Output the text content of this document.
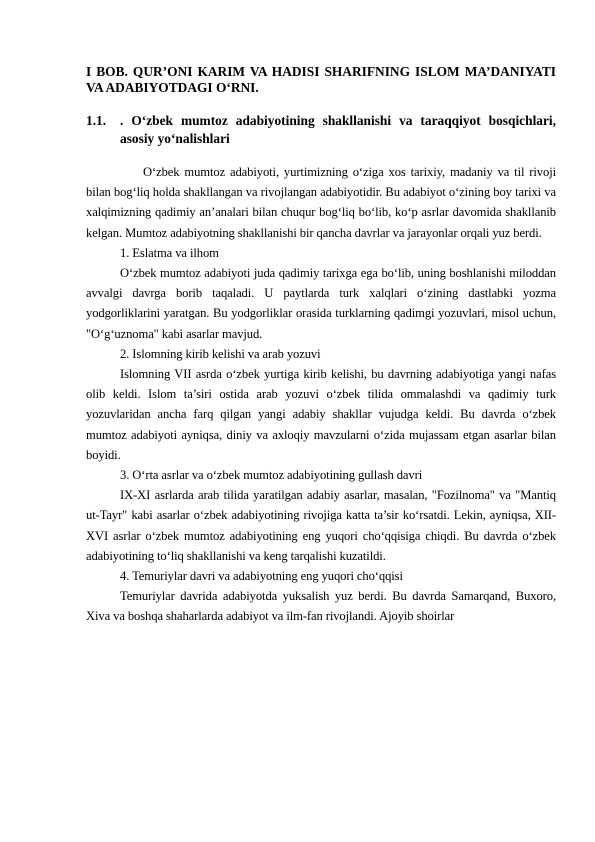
I BOB. QUR’ONI KARIM VA HADISI SHARIFNING ISLOM MA’DANIYATI VA ADABIYOTDAGI O‘RNI.

1.1.	. O‘zbek mumtoz adabiyotining shakllanishi va taraqqiyot bosqichlari, asosiy yo‘nalishlari

O‘zbek mumtoz adabiyoti, yurtimizning o‘ziga xos tarixiy, madaniy va til rivoji bilan bog‘liq holda shakllangan va rivojlangan adabiyotidir. Bu adabiyot o‘zining boy tarixi va xalqimizning qadimiy an’analari bilan chuqur bog‘liq bo‘lib, ko‘p asrlar davomida shakllanib kelgan. Mumtoz adabiyotning shakllanishi bir qancha davrlar va jarayonlar orqali yuz berdi.

1. Eslatma va ilhom

O‘zbek mumtoz adabiyoti juda qadimiy tarixga ega bo‘lib, uning boshlanishi miloddan avvalgi davrga borib taqaladi. U paytlarda turk xalqlari o‘zining dastlabki yozma yodgorliklarini yaratgan. Bu yodgorliklar orasida turklarning qadimgi yozuvlari, misol uchun, "O‘g‘uznoma" kabi asarlar mavjud.

2. Islomning kirib kelishi va arab yozuvi

Islomning VII asrda o‘zbek yurtiga kirib kelishi, bu davrning adabiyotiga yangi nafas olib keldi. Islom ta’siri ostida arab yozuvi o‘zbek tilida ommalashdi va qadimiy turk yozuvlaridan ancha farq qilgan yangi adabiy shakllar vujudga keldi. Bu davrda o‘zbek mumtoz adabiyoti ayniqsa, diniy va axloqiy mavzularni o‘zida mujassam etgan asarlar bilan boyidi.

3. O‘rta asrlar va o‘zbek mumtoz adabiyotining gullash davri

IX-XI asrlarda arab tilida yaratilgan adabiy asarlar, masalan, "Fozilnoma" va "Mantiq ut-Tayr" kabi asarlar o‘zbek adabiyotining rivojiga katta ta’sir ko‘rsatdi. Lekin, ayniqsa, XII-XVI asrlar o‘zbek mumtoz adabiyotining eng yuqori cho‘qqisiga chiqdi. Bu davrda o‘zbek adabiyotining to‘liq shakllanishi va keng tarqalishi kuzatildi.

4. Temuriylar davri va adabiyotning eng yuqori cho‘qqisi

Temuriylar davrida adabiyotda yuksalish yuz berdi. Bu davrda Samarqand, Buxoro, Xiva va boshqa shaharlarda adabiyot va ilm-fan rivojlandi. Ajoyib shoirlar
